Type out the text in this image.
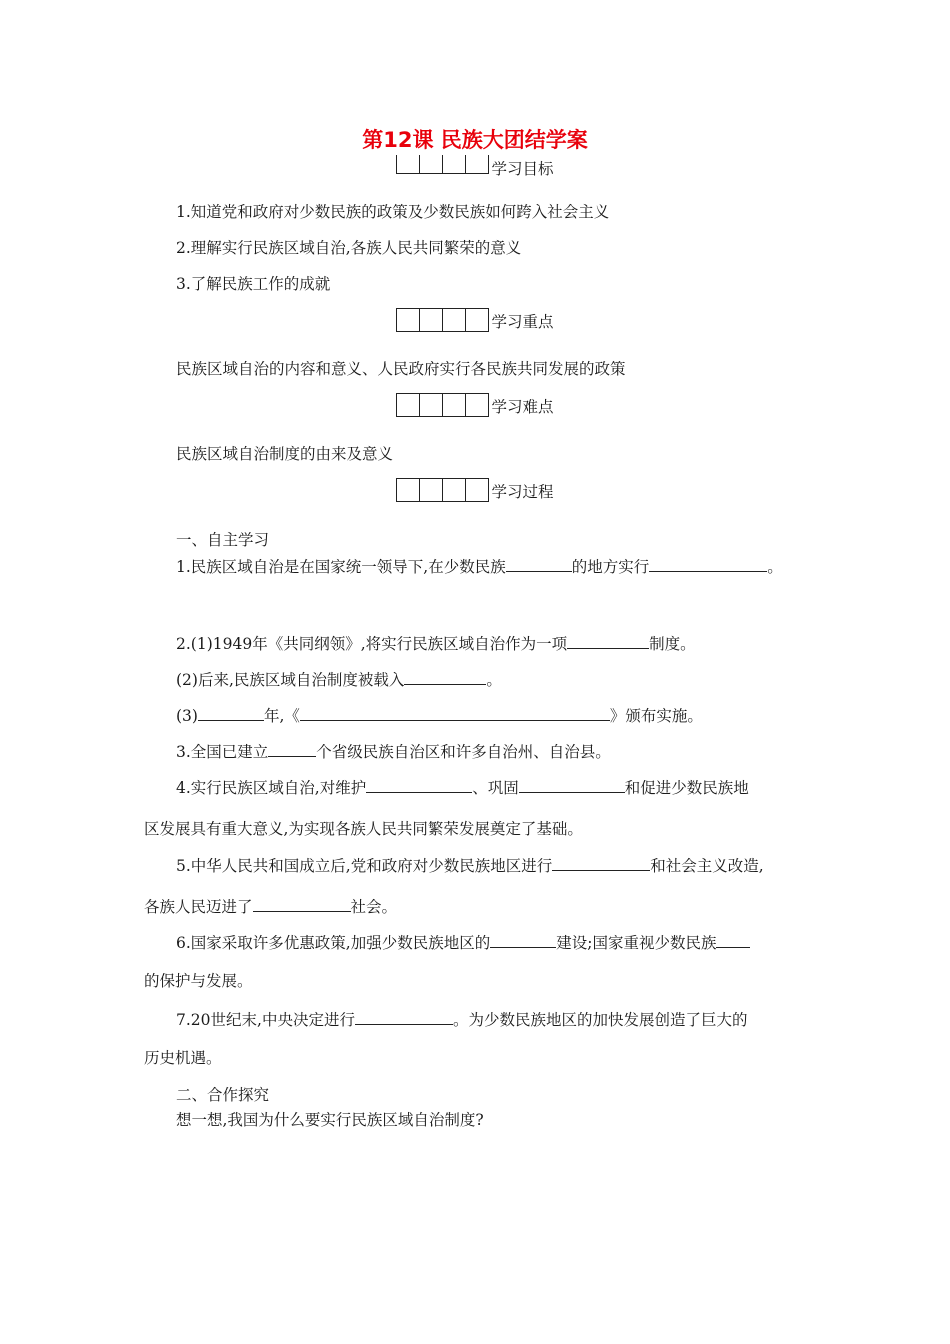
第12课 民族大团结学案
学习目标
1.知道党和政府对少数民族的政策及少数民族如何跨入社会主义
2.理解实行民族区域自治,各族人民共同繁荣的意义
3.了解民族工作的成就
学习重点
民族区域自治的内容和意义、人民政府实行各民族共同发展的政策
学习难点
民族区域自治制度的由来及意义
学习过程
一、自主学习
1.民族区域自治是在国家统一领导下,在少数民族	的地方实行	。
2.(1)1949年《共同纲领》,将实行民族区域自治作为一项	制度。
(2)后来,民族区域自治制度被载入	。
(3)	年,《	》颁布实施。
3.全国已建立	个省级民族自治区和许多自治州、自治县。
4.实行民族区域自治,对维护	、巩固	和促进少数民族地
区发展具有重大意义,为实现各族人民共同繁荣发展奠定了基础。
5.中华人民共和国成立后,党和政府对少数民族地区进行	和社会主义改造,
各族人民迈进了	社会。
6.国家采取许多优惠政策,加强少数民族地区的	建设;国家重视少数民族
的保护与发展。
7.20世纪末,中央决定进行	。为少数民族地区的加快发展创造了巨大的
历史机遇。
二、合作探究
想一想,我国为什么要实行民族区域自治制度?
